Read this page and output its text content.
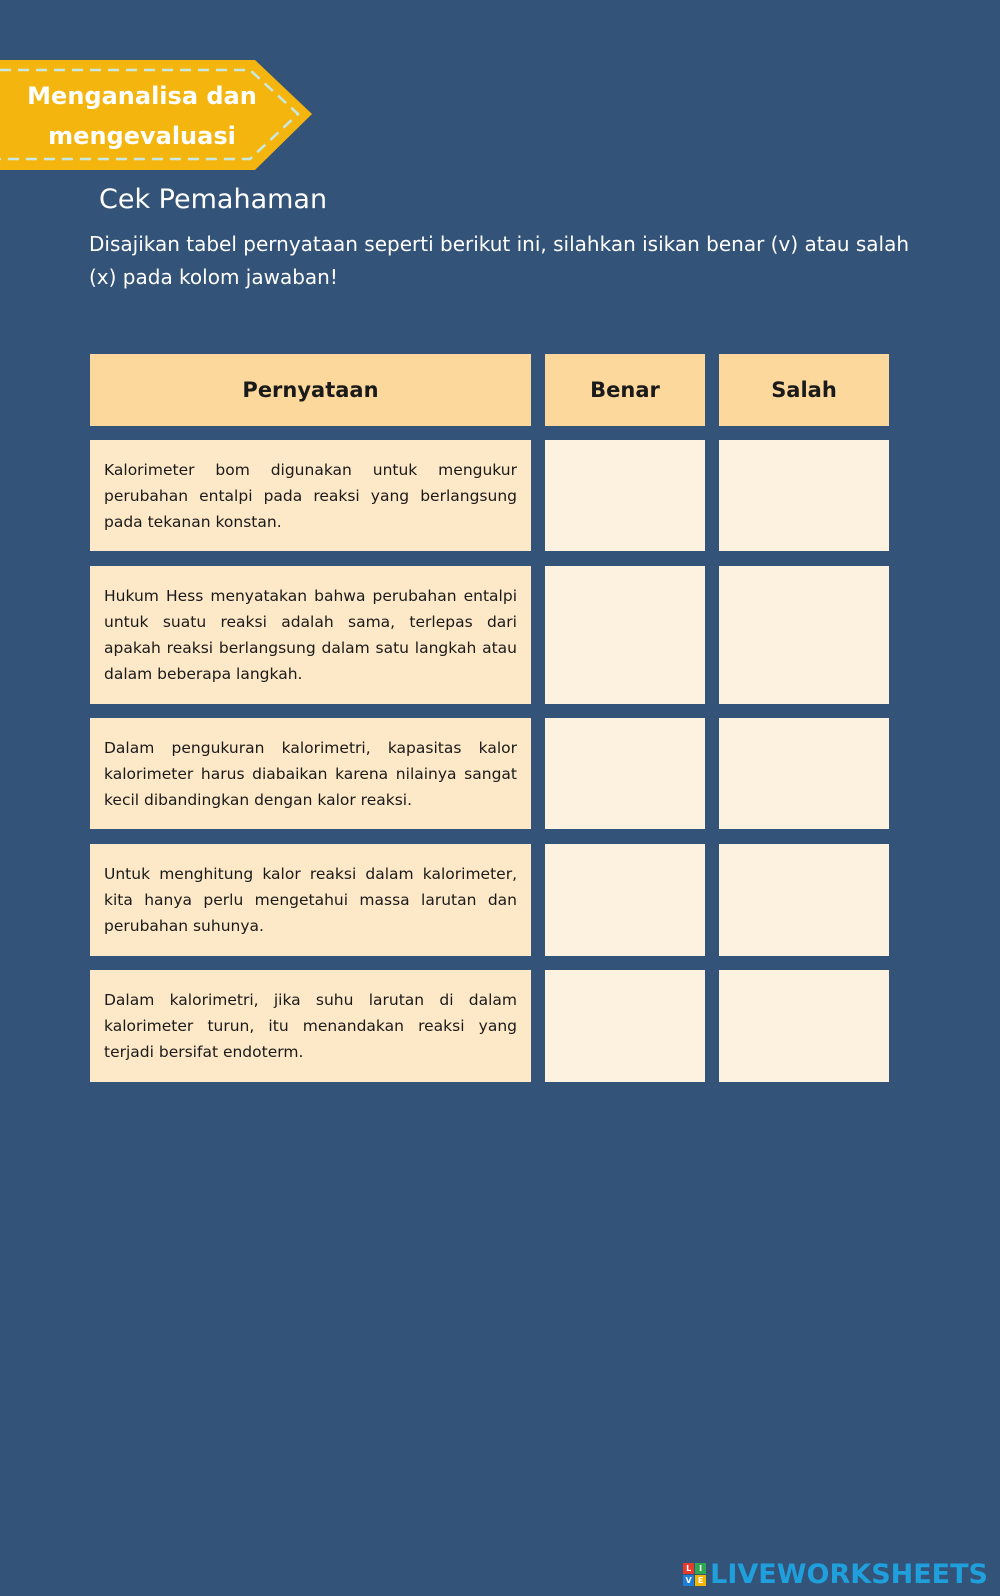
Menganalisa dan
mengevaluasi
Cek Pemahaman

Disajikan tabel pernyataan seperti berikut ini, silahkan isikan benar (v) atau salah (x) pada kolom jawaban!

Pernyataan	Benar	Salah
Kalorimeter bom digunakan untuk mengukur perubahan entalpi pada reaksi yang berlangsung pada tekanan konstan.
Hukum Hess menyatakan bahwa perubahan entalpi untuk suatu reaksi adalah sama, terlepas dari apakah reaksi berlangsung dalam satu langkah atau dalam beberapa langkah.
Dalam pengukuran kalorimetri, kapasitas kalor kalorimeter harus diabaikan karena nilainya sangat kecil dibandingkan dengan kalor reaksi.
Untuk menghitung kalor reaksi dalam kalorimeter, kita hanya perlu mengetahui massa larutan dan perubahan suhunya.
Dalam kalorimetri, jika suhu larutan di dalam kalorimeter turun, itu menandakan reaksi yang terjadi bersifat endoterm.
L I
V E LIVEWORKSHEETS
